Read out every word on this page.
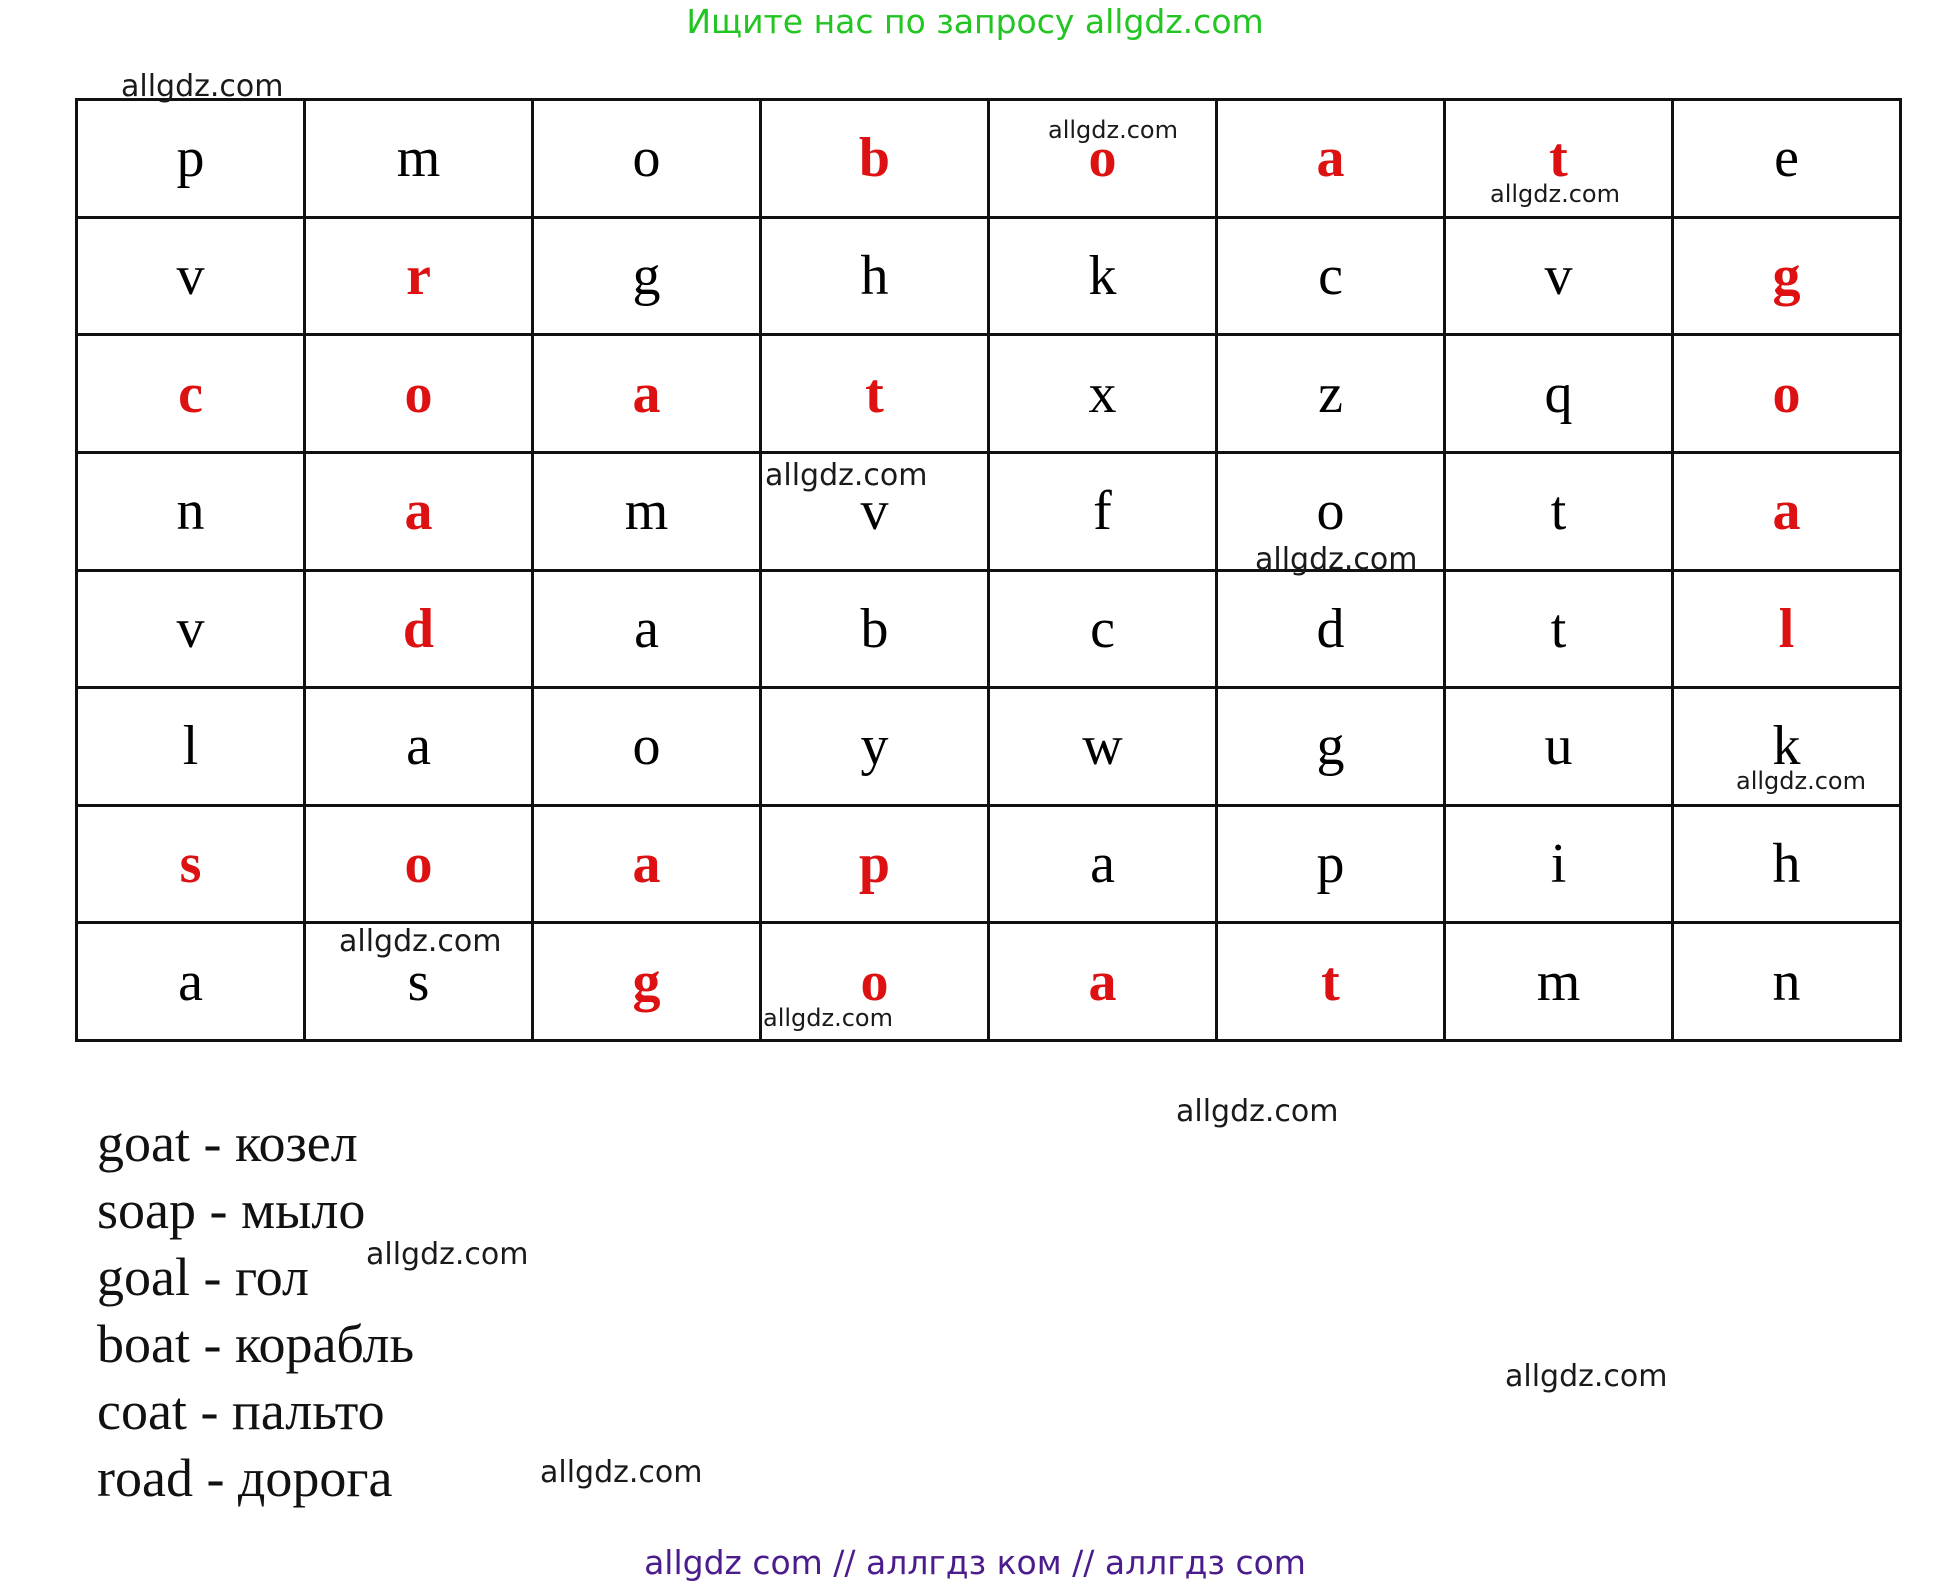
Ищите нас по запросу allgdz.com
p	m	o	b	o	a	t	e
v	r	g	h	k	c	v	g
c	o	a	t	x	z	q	o
n	a	m	v	f	o	t	a
v	d	a	b	c	d	t	l
l	a	o	y	w	g	u	k
s	o	a	p	a	p	i	h
a	s	g	o	a	t	m	n
goat - козел
soap - мыло
goal - гол
boat - корабль
coat - пальто
road - дорога
allgdz.com
allgdz.com
allgdz.com
allgdz.com
allgdz.com
allgdz.com
allgdz.com
allgdz.com
allgdz.com
allgdz.com
allgdz.com
allgdz.com
allgdz com // аллгдз ком // аллгдз com
